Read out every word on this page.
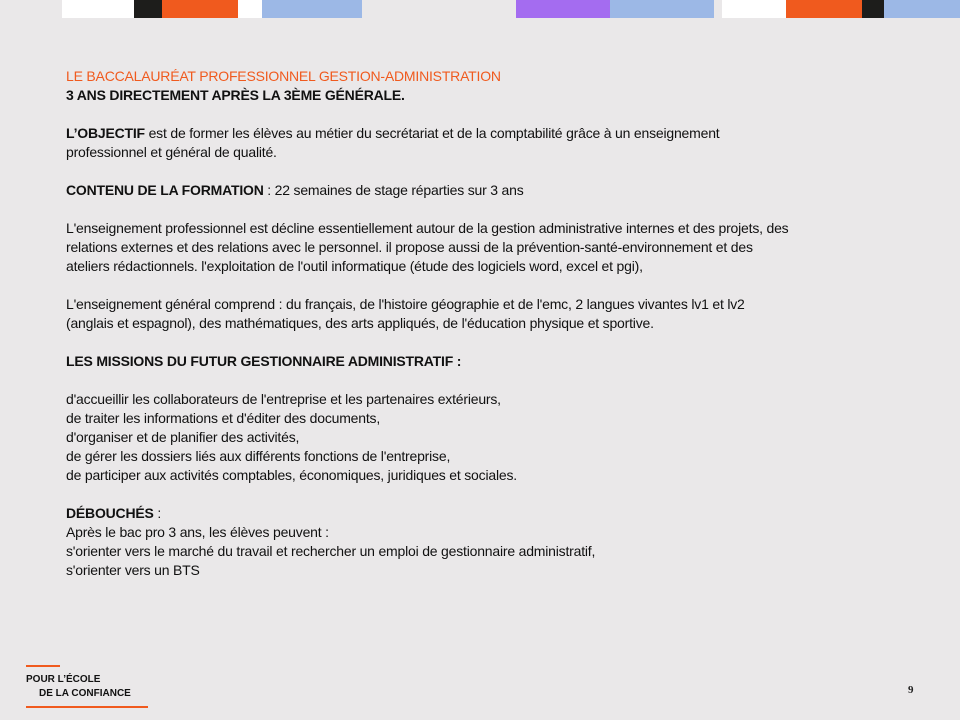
LE BACCALAURÉAT PROFESSIONNEL GESTION-ADMINISTRATION

3 ANS DIRECTEMENT APRÈS LA 3ÈME GÉNÉRALE.

L’OBJECTIF est de former les élèves au métier du secrétariat et de la comptabilité grâce à un enseignement

professionnel et général de qualité.

CONTENU DE LA FORMATION : 22 semaines de stage réparties sur 3 ans

L'enseignement professionnel est décline essentiellement autour de la gestion administrative internes et des projets, des

relations externes et des relations avec le personnel. il propose aussi de la prévention-santé-environnement et des

ateliers rédactionnels. l'exploitation de l'outil informatique (étude des logiciels word, excel et pgi),

L'enseignement général comprend : du français, de l'histoire géographie et de l'emc, 2 langues vivantes lv1 et lv2

(anglais et espagnol), des mathématiques, des arts appliqués, de l'éducation physique et sportive.

LES MISSIONS DU FUTUR GESTIONNAIRE ADMINISTRATIF :

d'accueillir les collaborateurs de l'entreprise et les partenaires extérieurs,

de traiter les informations et d'éditer des documents,

d'organiser et de planifier des activités,

de gérer les dossiers liés aux différents fonctions de l'entreprise,

de participer aux activités comptables, économiques, juridiques et sociales.

DÉBOUCHÉS :

Après le bac pro 3 ans, les élèves peuvent :

s'orienter vers le marché du travail et rechercher un emploi de gestionnaire administratif,

s'orienter vers un BTS

POUR L’ÉCOLE
DE LA CONFIANCE	9
